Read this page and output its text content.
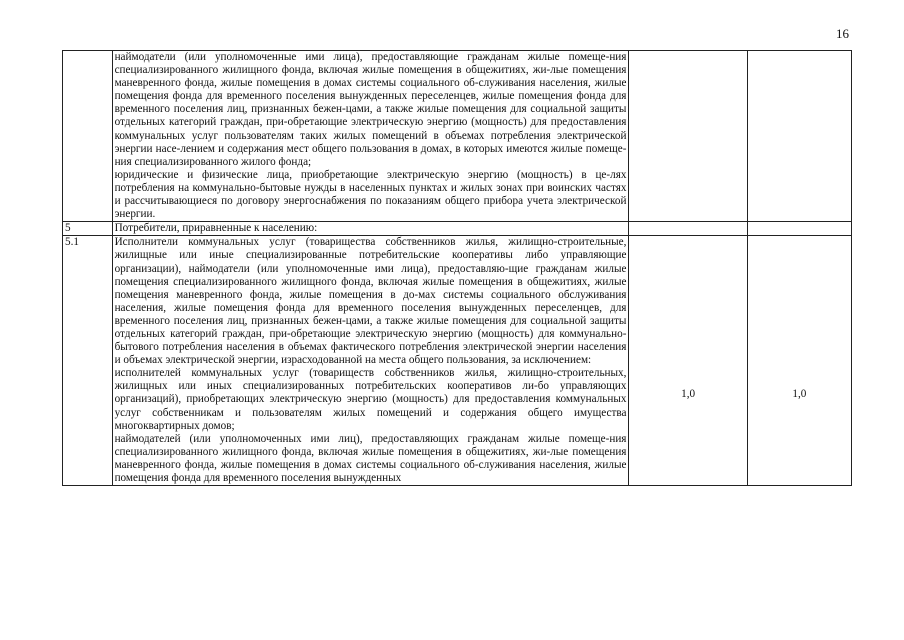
16

	наймодатели (или уполномоченные ими лица), предоставляющие гражданам жилые помеще-ния специализированного жилищного фонда, включая жилые помещения в общежитиях, жи-лые помещения маневренного фонда, жилые помещения в домах системы социального об-служивания населения, жилые помещения фонда для временного поселения вынужденных переселенцев, жилые помещения фонда для временного поселения лиц, признанных бежен-цами, а также жилые помещения для социальной защиты отдельных категорий граждан, при-обретающие электрическую энергию (мощность) для предоставления коммунальных услуг пользователям таких жилых помещений в объемах потребления электрической энергии насе-лением и содержания мест общего пользования в домах, в которых имеются жилые помеще-ния специализированного жилого фонда;

юридические и физические лица, приобретающие электрическую энергию (мощность) в це-лях потребления на коммунально-бытовые нужды в населенных пунктах и жилых зонах при воинских частях и рассчитывающиеся по договору энергоснабжения по показаниям общего прибора учета электрической энергии.		

5	Потребители, приравненные к населению:		

5.1	Исполнители коммунальных услуг (товарищества собственников жилья, жилищно-строительные, жилищные или иные специализированные потребительские кооперативы либо управляющие организации), наймодатели (или уполномоченные ими лица), предоставляю-щие гражданам жилые помещения специализированного жилищного фонда, включая жилые помещения в общежитиях, жилые помещения маневренного фонда, жилые помещения в до-мах системы социального обслуживания населения, жилые помещения фонда для временного поселения вынужденных переселенцев, для временного поселения лиц, признанных бежен-цами, а также жилые помещения для социальной защиты отдельных категорий граждан, при-обретающие электрическую энергию (мощность) для коммунально-бытового потребления населения в объемах фактического потребления электрической энергии населения и объемах электрической энергии, израсходованной на места общего пользования, за исключением:

исполнителей коммунальных услуг (товариществ собственников жилья, жилищно-строительных, жилищных или иных специализированных потребительских кооперативов ли-бо управляющих организаций), приобретающих электрическую энергию (мощность) для предоставления коммунальных услуг собственникам и пользователям жилых помещений и содержания общего имущества многоквартирных домов;

наймодателей (или уполномоченных ими лиц), предоставляющих гражданам жилые помеще-ния специализированного жилищного фонда, включая жилые помещения в общежитиях, жи-лые помещения маневренного фонда, жилые помещения в домах системы социального об-служивания населения, жилые помещения фонда для временного поселения вынужденных	1,0	1,0
